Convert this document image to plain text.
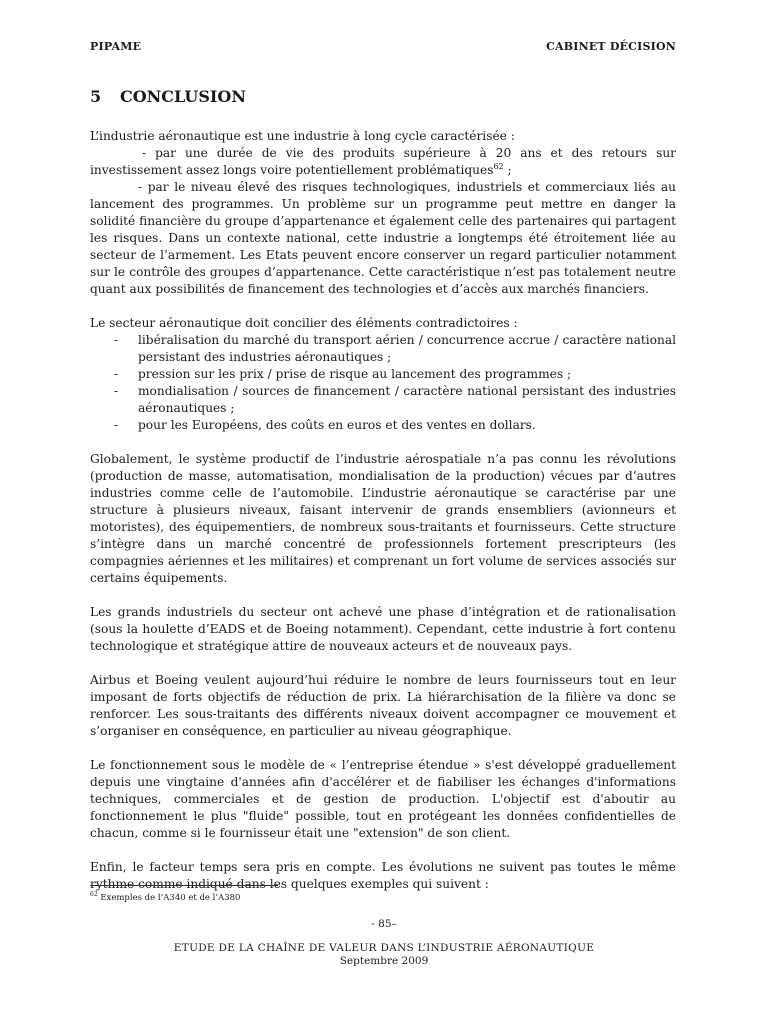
PIPAME	CABINET DÉCISION
5 CONCLUSION

L’industrie aéronautique est une industrie à long cycle caractérisée :

- par une durée de vie des produits supérieure à 20 ans et des retours sur investissement assez longs voire potentiellement problématiques$^{62}$ ;

- par le niveau élevé des risques technologiques, industriels et commerciaux liés au lancement des programmes. Un problème sur un programme peut mettre en danger la solidité financière du groupe d’appartenance et également celle des partenaires qui partagent les risques. Dans un contexte national, cette industrie a longtemps été étroitement liée au secteur de l’armement. Les Etats peuvent encore conserver un regard particulier notamment sur le contrôle des groupes d’appartenance. Cette caractéristique n’est pas totalement neutre quant aux possibilités de financement des technologies et d’accès aux marchés financiers.

Le secteur aéronautique doit concilier des éléments contradictoires :

- libéralisation du marché du transport aérien / concurrence accrue / caractère national persistant des industries aéronautiques ;
- pression sur les prix / prise de risque au lancement des programmes ;
- mondialisation / sources de financement / caractère national persistant des industries aéronautiques ;
- pour les Européens, des coûts en euros et des ventes en dollars.

Globalement, le système productif de l’industrie aérospatiale n’a pas connu les révolutions (production de masse, automatisation, mondialisation de la production) vécues par d’autres industries comme celle de l’automobile. L’industrie aéronautique se caractérise par une structure à plusieurs niveaux, faisant intervenir de grands ensembliers (avionneurs et motoristes), des équipementiers, de nombreux sous-traitants et fournisseurs. Cette structure s’intègre dans un marché concentré de professionnels fortement prescripteurs (les compagnies aériennes et les militaires) et comprenant un fort volume de services associés sur certains équipements.

Les grands industriels du secteur ont achevé une phase d’intégration et de rationalisation (sous la houlette d’EADS et de Boeing notamment). Cependant, cette industrie à fort contenu technologique et stratégique attire de nouveaux acteurs et de nouveaux pays.

Airbus et Boeing veulent aujourd’hui réduire le nombre de leurs fournisseurs tout en leur imposant de forts objectifs de réduction de prix. La hiérarchisation de la filière va donc se renforcer. Les sous-traitants des différents niveaux doivent accompagner ce mouvement et s’organiser en conséquence, en particulier au niveau géographique.

Le fonctionnement sous le modèle de « l’entreprise étendue » s'est développé graduellement depuis une vingtaine d'années afin d'accélérer et de fiabiliser les échanges d'informations techniques, commerciales et de gestion de production. L'objectif est d'aboutir au fonctionnement le plus "fluide" possible, tout en protégeant les données confidentielles de chacun, comme si le fournisseur était une "extension" de son client.

Enfin, le facteur temps sera pris en compte. Les évolutions ne suivent pas toutes le même rythme comme indiqué dans les quelques exemples qui suivent :

$^{62}$ Exemples de l’A340 et de l’A380
- 85–
ETUDE DE LA CHAÎNE DE VALEUR DANS L’INDUSTRIE AÉRONAUTIQUE
Septembre 2009
